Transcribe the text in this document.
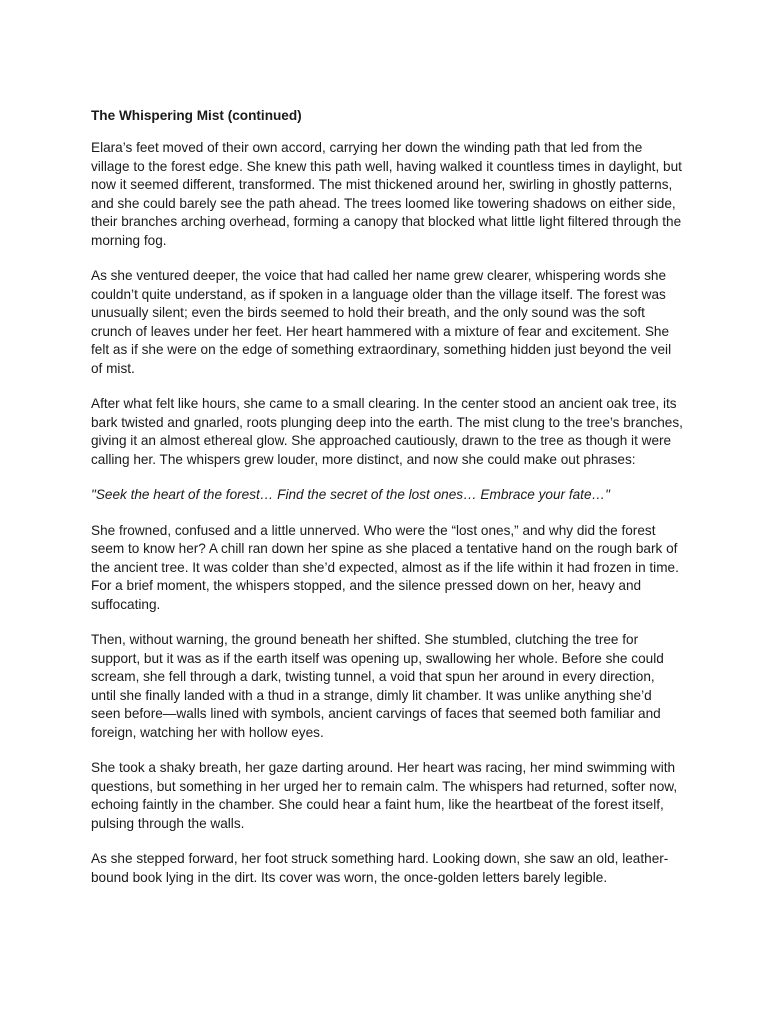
The Whispering Mist (continued)

Elara’s feet moved of their own accord, carrying her down the winding path that led from the village to the forest edge. She knew this path well, having walked it countless times in daylight, but now it seemed different, transformed. The mist thickened around her, swirling in ghostly patterns, and she could barely see the path ahead. The trees loomed like towering shadows on either side, their branches arching overhead, forming a canopy that blocked what little light filtered through the morning fog.

As she ventured deeper, the voice that had called her name grew clearer, whispering words she couldn’t quite understand, as if spoken in a language older than the village itself. The forest was unusually silent; even the birds seemed to hold their breath, and the only sound was the soft crunch of leaves under her feet. Her heart hammered with a mixture of fear and excitement. She felt as if she were on the edge of something extraordinary, something hidden just beyond the veil of mist.

After what felt like hours, she came to a small clearing. In the center stood an ancient oak tree, its bark twisted and gnarled, roots plunging deep into the earth. The mist clung to the tree’s branches, giving it an almost ethereal glow. She approached cautiously, drawn to the tree as though it were calling her. The whispers grew louder, more distinct, and now she could make out phrases:

"Seek the heart of the forest… Find the secret of the lost ones… Embrace your fate…"

She frowned, confused and a little unnerved. Who were the “lost ones,” and why did the forest seem to know her? A chill ran down her spine as she placed a tentative hand on the rough bark of the ancient tree. It was colder than she’d expected, almost as if the life within it had frozen in time. For a brief moment, the whispers stopped, and the silence pressed down on her, heavy and suffocating.

Then, without warning, the ground beneath her shifted. She stumbled, clutching the tree for support, but it was as if the earth itself was opening up, swallowing her whole. Before she could scream, she fell through a dark, twisting tunnel, a void that spun her around in every direction, until she finally landed with a thud in a strange, dimly lit chamber. It was unlike anything she’d seen before—walls lined with symbols, ancient carvings of faces that seemed both familiar and foreign, watching her with hollow eyes.

She took a shaky breath, her gaze darting around. Her heart was racing, her mind swimming with questions, but something in her urged her to remain calm. The whispers had returned, softer now, echoing faintly in the chamber. She could hear a faint hum, like the heartbeat of the forest itself, pulsing through the walls.

As she stepped forward, her foot struck something hard. Looking down, she saw an old, leather-bound book lying in the dirt. Its cover was worn, the once-golden letters barely legible.
